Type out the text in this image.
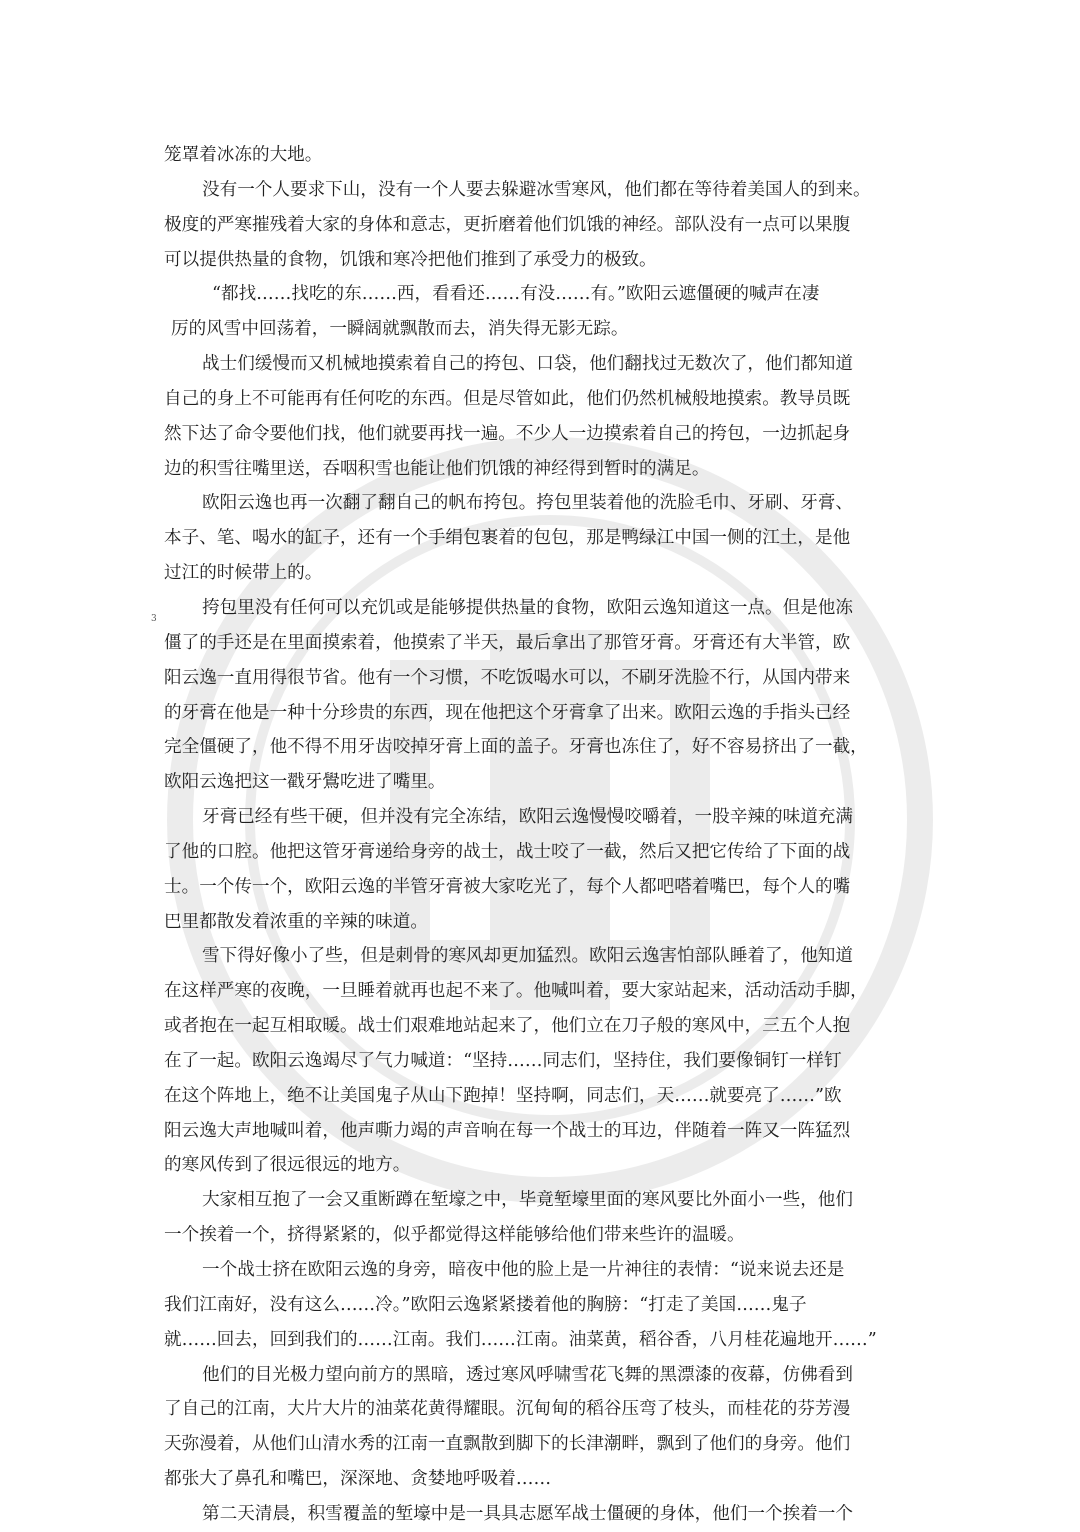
3
笼罩着冰冻的大地。
没有一个人要求下山，没有一个人要去躲避冰雪寒风，他们都在等待着美国人的到来。
极度的严寒摧残着大家的身体和意志，更折磨着他们饥饿的神经。部队没有一点可以果腹
可以提供热量的食物，饥饿和寒冷把他们推到了承受力的极致。
“都找……找吃的东……西，看看还……有没……有。”欧阳云遮僵硬的喊声在凄
厉的风雪中回荡着，一瞬阔就飘散而去，消失得无影无踪。
战士们缓慢而又机械地摸索着自己的挎包、口袋，他们翻找过无数次了，他们都知道
自己的身上不可能再有任何吃的东西。但是尽管如此，他们仍然机械般地摸索。教导员既
然下达了命令要他们找，他们就要再找一遍。不少人一边摸索着自己的挎包，一边抓起身
边的积雪往嘴里送，吞咽积雪也能让他们饥饿的神经得到暂时的满足。
欧阳云逸也再一次翻了翻自己的帆布挎包。挎包里装着他的洗脸毛巾、牙刷、牙膏、
本子、笔、喝水的缸子，还有一个手绢包裹着的包包，那是鸭绿江中国一侧的江土，是他
过江的时候带上的。
挎包里没有任何可以充饥或是能够提供热量的食物，欧阳云逸知道这一点。但是他冻
僵了的手还是在里面摸索着，他摸索了半天，最后拿出了那管牙膏。牙膏还有大半管，欧
阳云逸一直用得很节省。他有一个习惯，不吃饭喝水可以，不刷牙洗脸不行，从国内带来
的牙膏在他是一种十分珍贵的东西，现在他把这个牙膏拿了出来。欧阳云逸的手指头已经
完全僵硬了，他不得不用牙齿咬掉牙膏上面的盖子。牙膏也冻住了，好不容易挤出了一截，
欧阳云逸把这一戳牙鷽吃进了嘴里。
牙膏已经有些干硬，但并没有完全冻结，欧阳云逸慢慢咬嚼着，一股辛辣的味道充满
了他的口腔。他把这管牙膏递给身旁的战士，战士咬了一截，然后又把它传给了下面的战
士。一个传一个，欧阳云逸的半管牙膏被大家吃光了，每个人都吧嗒着嘴巴，每个人的嘴
巴里都散发着浓重的辛辣的味道。
雪下得好像小了些，但是刺骨的寒风却更加猛烈。欧阳云逸害怕部队睡着了，他知道
在这样严寒的夜晚，一旦睡着就再也起不来了。他喊叫着，要大家站起来，活动活动手脚，
或者抱在一起互相取暖。战士们艰难地站起来了，他们立在刀子般的寒风中，三五个人抱
在了一起。欧阳云逸竭尽了气力喊道：“坚持……同志们，坚持住，我们要像铜钉一样钉
在这个阵地上，绝不让美国鬼子从山下跑掉！坚持啊，同志们，天……就要亮了……”欧
阳云逸大声地喊叫着，他声嘶力竭的声音响在每一个战士的耳边，伴随着一阵又一阵猛烈
的寒风传到了很远很远的地方。
大家相互抱了一会又重断蹲在堑壕之中，毕竟堑壕里面的寒风要比外面小一些，他们
一个挨着一个，挤得紧紧的，似乎都觉得这样能够给他们带来些许的温暖。
一个战士挤在欧阳云逸的身旁，暗夜中他的脸上是一片神往的表情：“说来说去还是
我们江南好，没有这么……冷。”欧阳云逸紧紧搂着他的胸膀：“打走了美国……鬼子
就……回去，回到我们的……江南。我们……江南。油菜黄，稻谷香，八月桂花遍地开……”
他们的目光极力望向前方的黑暗，透过寒风呼啸雪花飞舞的黑漂漆的夜幕，仿佛看到
了自己的江南，大片大片的油菜花黄得耀眼。沉甸甸的稻谷压弯了枝头，而桂花的芬芳漫
天弥漫着，从他们山清水秀的江南一直飘散到脚下的长津潮畔，飘到了他们的身旁。他们
都张大了鼻孔和嘴巴，深深地、贪婪地呼吸着……
第二天清晨，积雪覆盖的堑壕中是一具具志愿军战士僵硬的身体，他们一个挨着一个
